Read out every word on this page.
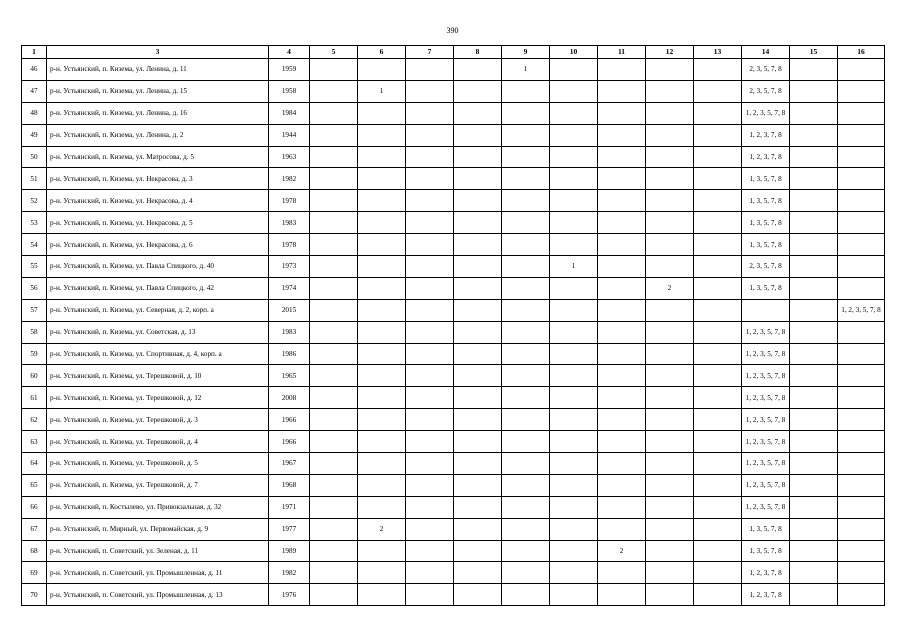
390
1	3	4	5	6	7	8	9	10	11	12	13	14	15	16
46	р-н. Устьянский, п. Кизема, ул. Ленина, д. 11	1959					1					2, 3, 5, 7, 8		
47	р-н. Устьянский, п. Кизема, ул. Ленина, д. 15	1958		1								2, 3, 5, 7, 8		
48	р-н. Устьянский, п. Кизема, ул. Ленина, д. 16	1984										1, 2, 3, 5, 7, 8		
49	р-н. Устьянский, п. Кизема, ул. Ленина, д. 2	1944										1, 2, 3, 7, 8		
50	р-н. Устьянский, п. Кизема, ул. Матросова, д. 5	1963										1, 2, 3, 7, 8		
51	р-н. Устьянский, п. Кизема, ул. Некрасова, д. 3	1982										1, 3, 5, 7, 8		
52	р-н. Устьянский, п. Кизема, ул. Некрасова, д. 4	1978										1, 3, 5, 7, 8		
53	р-н. Устьянский, п. Кизема, ул. Некрасова, д. 5	1983										1, 3, 5, 7, 8		
54	р-н. Устьянский, п. Кизема, ул. Некрасова, д. 6	1978										1, 3, 5, 7, 8		
55	р-н. Устьянский, п. Кизема, ул. Павла Спицкого, д. 40	1973						1				2, 3, 5, 7, 8		
56	р-н. Устьянский, п. Кизема, ул. Павла Спицкого, д. 42	1974								2		1, 3, 5, 7, 8		
57	р-н. Устьянский, п. Кизема, ул. Северная, д. 2, корп. а	2015												1, 2, 3, 5, 7, 8
58	р-н. Устьянский, п. Кизема, ул. Советская, д. 13	1983										1, 2, 3, 5, 7, 8		
59	р-н. Устьянский, п. Кизема, ул. Спортивная, д. 4, корп. а	1986										1, 2, 3, 5, 7, 8		
60	р-н. Устьянский, п. Кизема, ул. Терешковой, д. 10	1965										1, 2, 3, 5, 7, 8		
61	р-н. Устьянский, п. Кизема, ул. Терешковой, д. 12	2008										1, 2, 3, 5, 7, 8		
62	р-н. Устьянский, п. Кизема, ул. Терешковой, д. 3	1966										1, 2, 3, 5, 7, 8		
63	р-н. Устьянский, п. Кизема, ул. Терешковой, д. 4	1966										1, 2, 3, 5, 7, 8		
64	р-н. Устьянский, п. Кизема, ул. Терешковой, д. 5	1967										1, 2, 3, 5, 7, 8		
65	р-н. Устьянский, п. Кизема, ул. Терешковой, д. 7	1968										1, 2, 3, 5, 7, 8		
66	р-н. Устьянский, п. Костылево, ул. Привокзальная, д. 32	1971										1, 2, 3, 5, 7, 8		
67	р-н. Устьянский, п. Мирный, ул. Первомайская, д. 9	1977		2								1, 3, 5, 7, 8		
68	р-н. Устьянский, п. Советский, ул. Зеленая, д. 11	1989							2			1, 3, 5, 7, 8		
69	р-н. Устьянский, п. Советский, ул. Промышленная, д. 11	1982										1, 2, 3, 7, 8		
70	р-н. Устьянский, п. Советский, ул. Промышленная, д. 13	1976										1, 2, 3, 7, 8		
